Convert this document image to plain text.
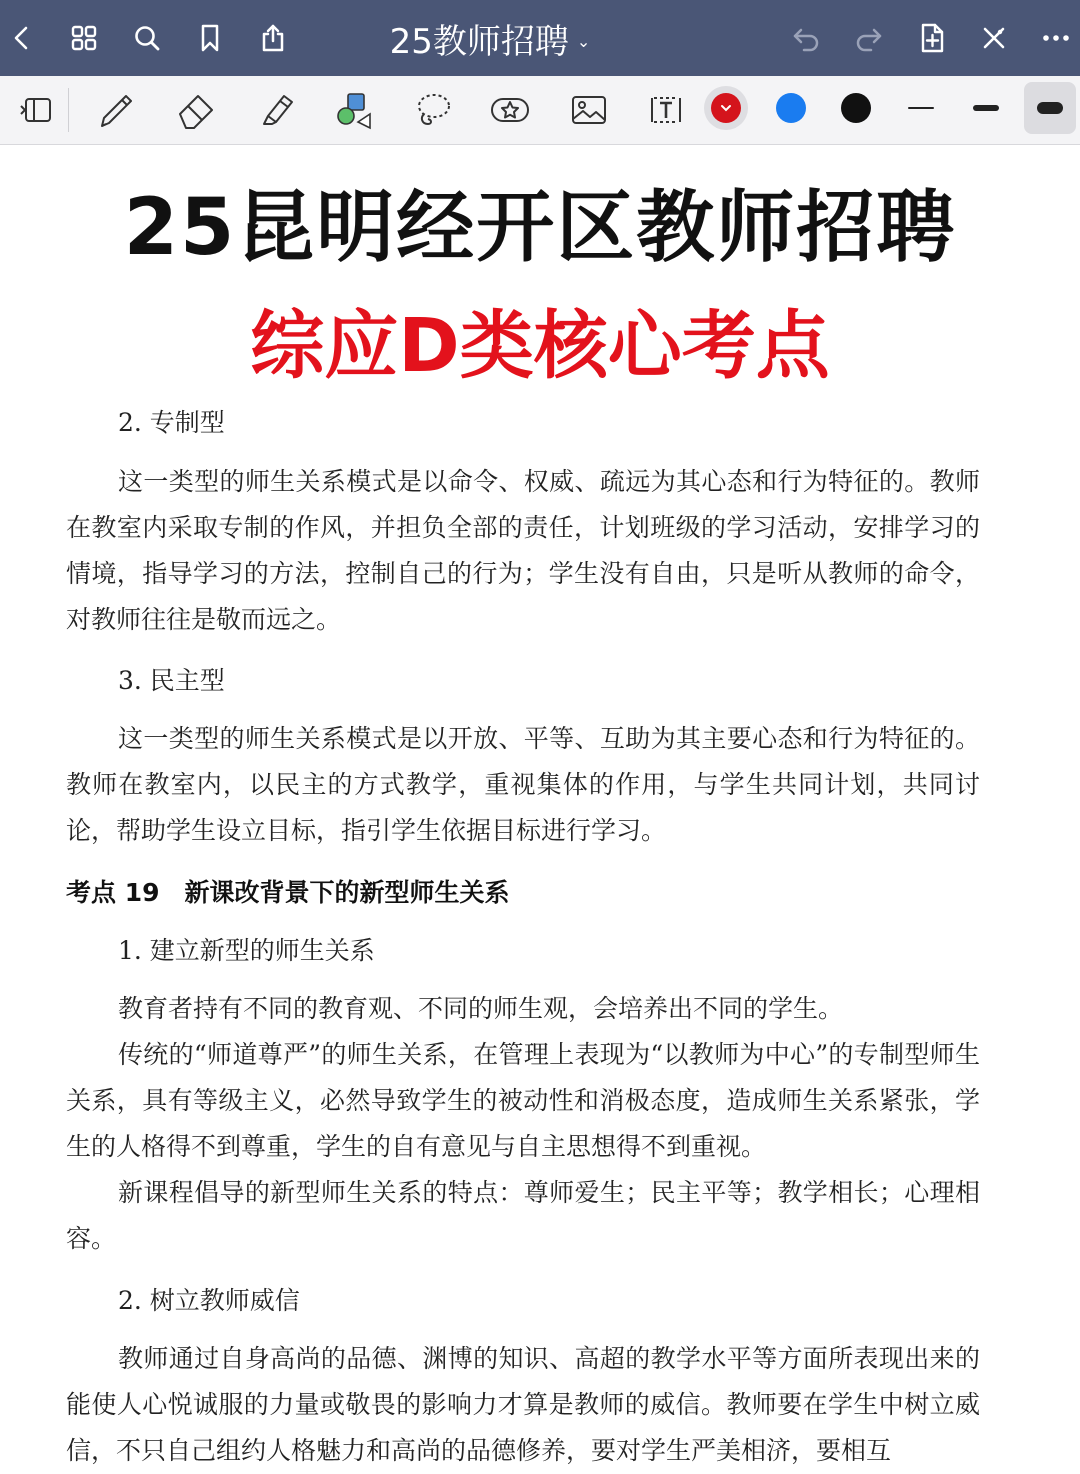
25教师招聘 ⌄
25昆明经开区教师招聘
综应D类核心考点
2. 专制型
这一类型的师生关系模式是以命令、权威、疏远为其心态和行为特征的。教师在教室内采取专制的作风，并担负全部的责任，计划班级的学习活动，安排学习的情境，指导学习的方法，控制自己的行为；学生没有自由，只是听从教师的命令，对教师往往是敬而远之。
3. 民主型
这一类型的师生关系模式是以开放、平等、互助为其主要心态和行为特征的。教师在教室内，以民主的方式教学，重视集体的作用，与学生共同计划，共同讨论，帮助学生设立目标，指引学生依据目标进行学习。
考点 19　新课改背景下的新型师生关系
1. 建立新型的师生关系
教育者持有不同的教育观、不同的师生观，会培养出不同的学生。
传统的“师道尊严”的师生关系，在管理上表现为“以教师为中心”的专制型师生关系，具有等级主义，必然导致学生的被动性和消极态度，造成师生关系紧张，学生的人格得不到尊重，学生的自有意见与自主思想得不到重视。
新课程倡导的新型师生关系的特点：尊师爱生；民主平等；教学相长；心理相容。
2. 树立教师威信
教师通过自身高尚的品德、渊博的知识、高超的教学水平等方面所表现出来的能使人心悦诚服的力量或敬畏的影响力才算是教师的威信。教师要在学生中树立威信，不只自己组约人格魅力和高尚的品德修养，要对学生严美相济，要相互
